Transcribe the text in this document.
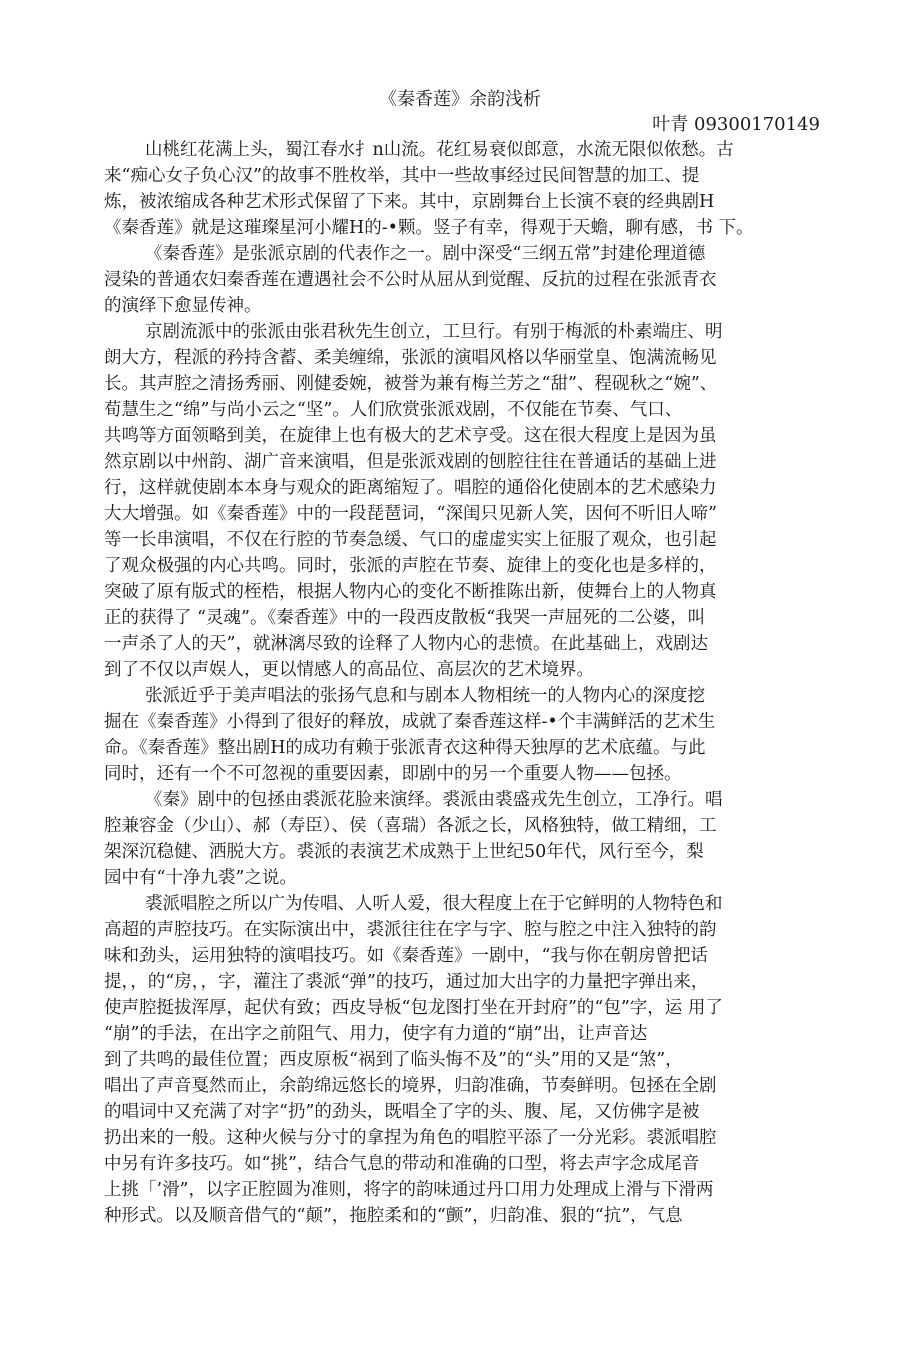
《秦香莲》余韵浅析
叶青 09300170149
山桃红花满上头，蜀江春水扌n山流。花红易衰似郎意，水流无限似侬愁。古
来“痴心女子负心汉”的故事不胜枚举，其中一些故事经过民间智慧的加工、提
炼，被浓缩成各种艺术形式保留了下来。其中，京剧舞台上长演不衰的经典剧H
《秦香莲》就是这璀璨星河小耀H的-•颗。竖子有幸，得观于天蟾，聊有感，书 下。
《秦香莲》是张派京剧的代表作之一。剧中深受“三纲五常”封建伦理道德
浸染的普通农妇秦香莲在遭遇社会不公时从屈从到觉醒、反抗的过程在张派青衣
的演绎下愈显传神。
京剧流派中的张派由张君秋先生创立，工旦行。有别于梅派的朴素端庄、明
朗大方，程派的矜持含蓄、柔美缠绵，张派的演唱风格以华丽堂皇、饱满流畅见
长。其声腔之清扬秀丽、刚健委婉，被誉为兼有梅兰芳之“甜”、程砚秋之“婉”、
荀慧生之“绵”与尚小云之“坚”。人们欣赏张派戏剧，不仅能在节奏、气口、
共鸣等方面领略到美，在旋律上也有极大的艺术亨受。这在很大程度上是因为虽
然京剧以中州韵、湖广音来演唱，但是张派戏剧的刨腔往往在普通话的基础上进
行，这样就使剧本本身与观众的距离缩短了。唱腔的通俗化使剧本的艺术感染力
大大增强。如《秦香莲》中的一段琵琶词，“深闺只见新人笑，因何不听旧人啼”
等一长串演唱，不仅在行腔的节奏急缓、气口的虚虚实实上征服了观众，也引起
了观众极强的内心共鸣。同时，张派的声腔在节奏、旋律上的变化也是多样的，
突破了原有版式的桎梏，根据人物内心的变化不断推陈出新，使舞台上的人物真
正的获得了 “灵魂”。《秦香莲》中的一段西皮散板“我哭一声屈死的二公婆，叫
一声杀了人的天”，就淋漓尽致的诠释了人物内心的悲愤。在此基础上，戏剧达
到了不仅以声娱人，更以情感人的高品位、高层次的艺术境界。
张派近乎于美声唱法的张扬气息和与剧本人物相统一的人物内心的深度挖
掘在《秦香莲》小得到了很好的释放，成就了秦香莲这样-•个丰满鲜活的艺术生
命。《秦香莲》整出剧H的成功有赖于张派青衣这种得天独厚的艺术底蕴。与此
同时，还有一个不可忽视的重要因素，即剧中的另一个重要人物——包拯。
《秦》剧中的包拯由裘派花脸来演绎。裘派由裘盛戎先生创立，工净行。唱
腔兼容金（少山）、郝（寿臣）、侯（喜瑞）各派之长，风格独特，做工精细，工
架深沉稳健、洒脱大方。裘派的表演艺术成熟于上世纪50年代，风行至今，梨
园中有“十净九裘”之说。
裘派唱腔之所以广为传唱、人听人爱，很大程度上在于它鲜明的人物特色和
高超的声腔技巧。在实际演出中，裘派往往在字与字、腔与腔之中注入独特的韵
味和劲头，运用独特的演唱技巧。如《秦香莲》一剧中，“我与你在朝房曾把话
提，，的“房，，字，灌注了裘派“弹”的技巧，通过加大出字的力量把字弹出来，
使声腔挺拔浑厚，起伏有致；西皮导板“包龙图打坐在开封府”的“包”字，运 用了
“崩”的手法，在出字之前阻气、用力，使字有力道的“崩”出，让声音达
到了共鸣的最佳位置；西皮原板“祸到了临头悔不及”的“头”用的又是“煞”，
唱出了声音戛然而止，余韵绵远悠长的境界，归韵准确，节奏鲜明。包拯在全剧
的唱词中又充满了对字“扔”的劲头，既唱全了字的头、腹、尾，又仿佛字是被
扔出来的一般。这种火候与分寸的拿捏为角色的唱腔平添了一分光彩。裘派唱腔
中另有许多技巧。如“挑”，结合气息的带动和准确的口型，将去声字念成尾音
上挑「’滑”，以字正腔圆为准则，将字的韵味通过丹口用力处理成上滑与下滑两
种形式。以及顺音借气的“颠”，拖腔柔和的“颤”，归韵准、狠的“抗”，气息
